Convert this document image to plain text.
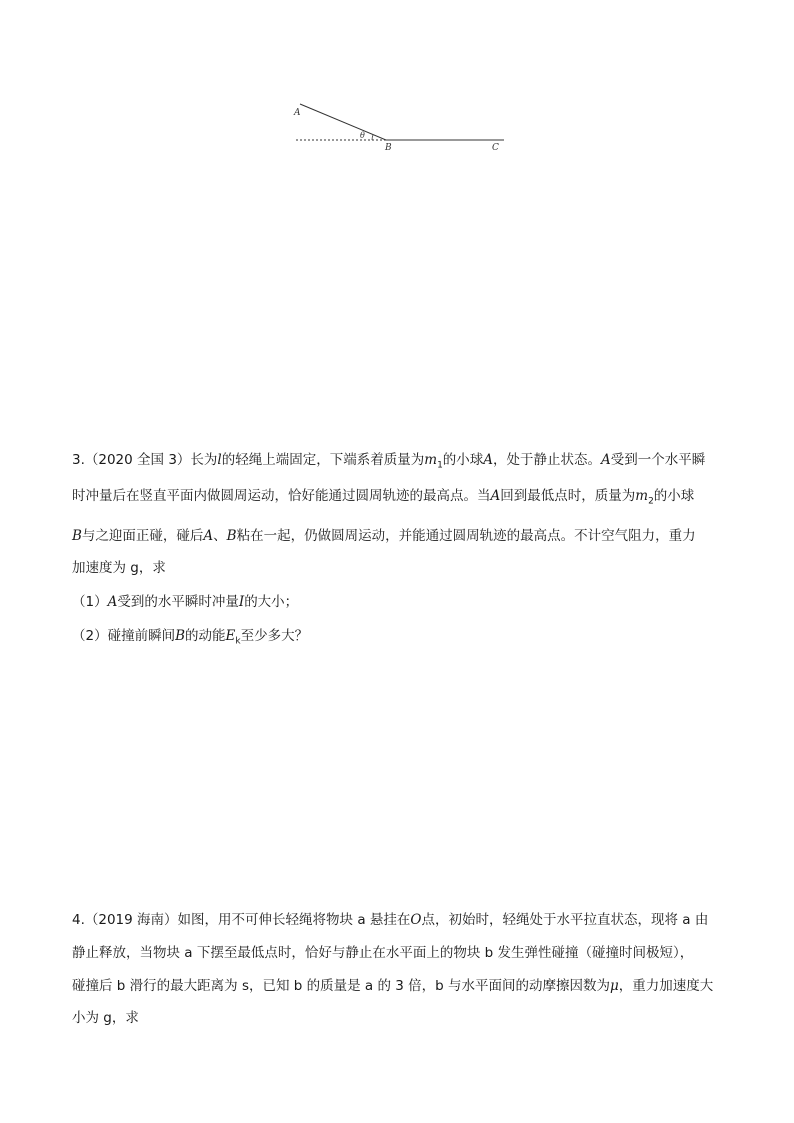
A
θ
B	C
3.（2020 全国 3）长为l的轻绳上端固定，下端系着质量为$m_1$的小球A，处于静止状态。A受到一个水平瞬
时冲量后在竖直平面内做圆周运动，恰好能通过圆周轨迹的最高点。当A回到最低点时，质量为$m_2$的小球
B与之迎面正碰，碰后A、B粘在一起，仍做圆周运动，并能通过圆周轨迹的最高点。不计空气阻力，重力
加速度为 g，求
（1）A受到的水平瞬时冲量I的大小；
（2）碰撞前瞬间B的动能$E_k$至少多大？
4.（2019 海南）如图，用不可伸长轻绳将物块 a 悬挂在O点，初始时，轻绳处于水平拉直状态，现将 a 由
静止释放，当物块 a 下摆至最低点时，恰好与静止在水平面上的物块 b 发生弹性碰撞（碰撞时间极短），
碰撞后 b 滑行的最大距离为 s，已知 b 的质量是 a 的 3 倍，b 与水平面间的动摩擦因数为μ，重力加速度大
小为 g，求
